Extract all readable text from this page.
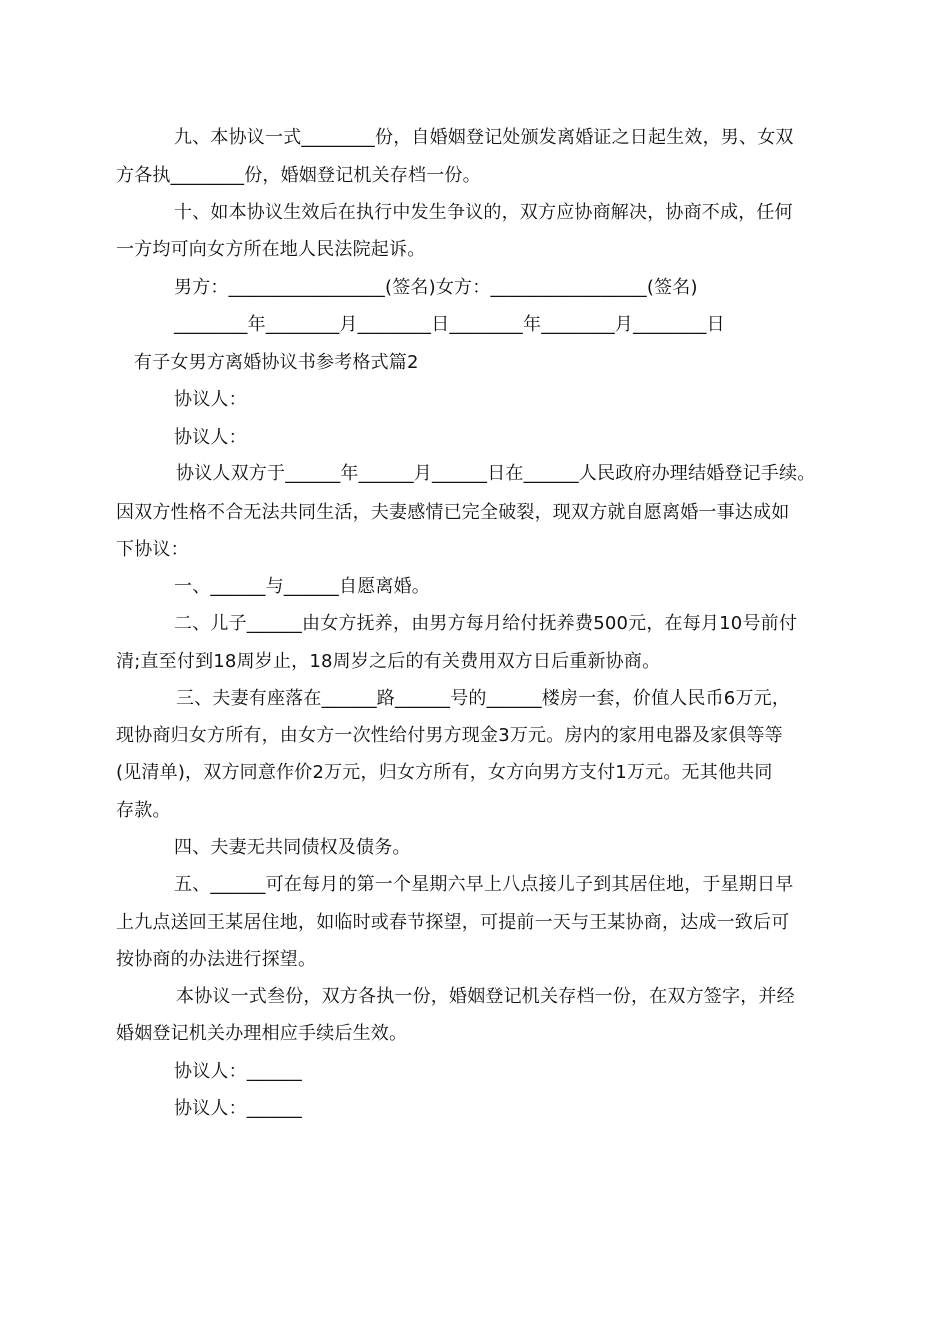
九、本协议一式________份，自婚姻登记处颁发离婚证之日起生效，男、女双
方各执________份，婚姻登记机关存档一份。
十、如本协议生效后在执行中发生争议的，双方应协商解决，协商不成，任何
一方均可向女方所在地人民法院起诉。
男方：_________________(签名)女方：_________________(签名)
________年________月________日________年________月________日
有子女男方离婚协议书参考格式篇2
协议人：
协议人：
协议人双方于______年______月______日在______人民政府办理结婚登记手续。
因双方性格不合无法共同生活，夫妻感情已完全破裂，现双方就自愿离婚一事达成如
下协议：
一、______与______自愿离婚。
二、儿子______由女方抚养，由男方每月给付抚养费500元，在每月10号前付
清;直至付到18周岁止，18周岁之后的有关费用双方日后重新协商。
三、夫妻有座落在______路______号的______楼房一套，价值人民币6万元，
现协商归女方所有，由女方一次性给付男方现金3万元。房内的家用电器及家俱等等
(见清单)，双方同意作价2万元，归女方所有，女方向男方支付1万元。无其他共同
存款。
四、夫妻无共同债权及债务。
五、______可在每月的第一个星期六早上八点接儿子到其居住地，于星期日早
上九点送回王某居住地，如临时或春节探望，可提前一天与王某协商，达成一致后可
按协商的办法进行探望。
本协议一式叁份，双方各执一份，婚姻登记机关存档一份，在双方签字，并经
婚姻登记机关办理相应手续后生效。
协议人：______
协议人：______
